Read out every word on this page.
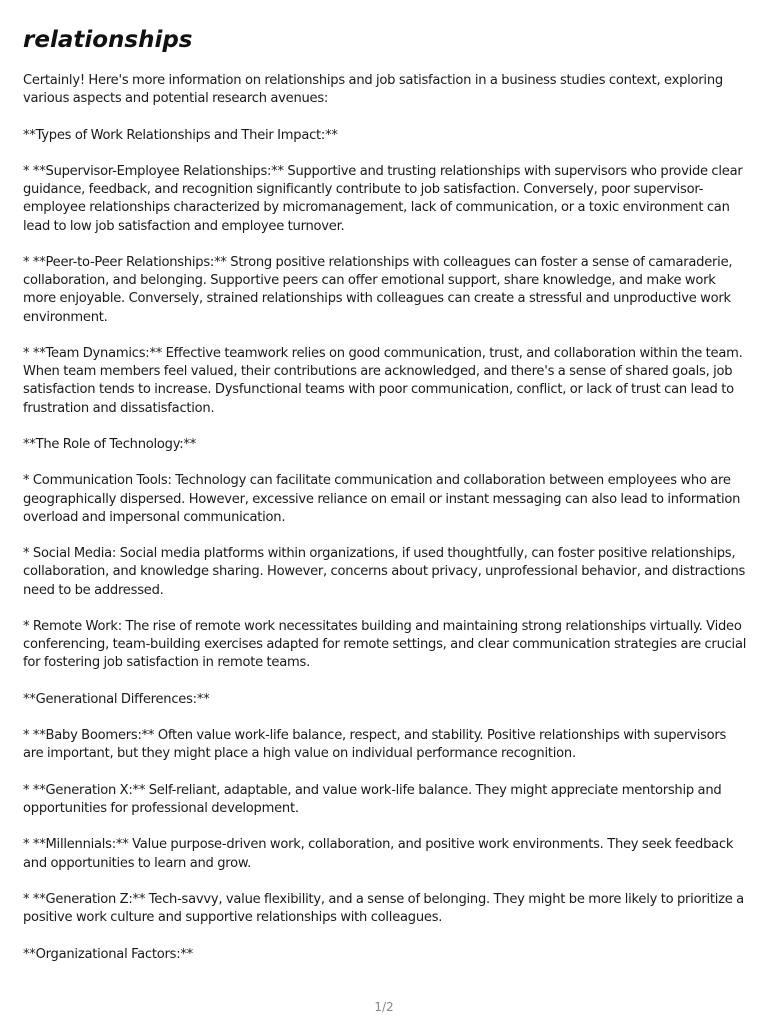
relationships

Certainly! Here's more information on relationships and job satisfaction in a business studies context, exploring various aspects and potential research avenues:

**Types of Work Relationships and Their Impact:**

* **Supervisor-Employee Relationships:** Supportive and trusting relationships with supervisors who provide clear guidance, feedback, and recognition significantly contribute to job satisfaction. Conversely, poor supervisor-employee relationships characterized by micromanagement, lack of communication, or a toxic environment can lead to low job satisfaction and employee turnover.

* **Peer-to-Peer Relationships:** Strong positive relationships with colleagues can foster a sense of camaraderie, collaboration, and belonging. Supportive peers can offer emotional support, share knowledge, and make work more enjoyable. Conversely, strained relationships with colleagues can create a stressful and unproductive work environment.

* **Team Dynamics:** Effective teamwork relies on good communication, trust, and collaboration within the team. When team members feel valued, their contributions are acknowledged, and there's a sense of shared goals, job satisfaction tends to increase. Dysfunctional teams with poor communication, conflict, or lack of trust can lead to frustration and dissatisfaction.

**The Role of Technology:**

* Communication Tools: Technology can facilitate communication and collaboration between employees who are geographically dispersed. However, excessive reliance on email or instant messaging can also lead to information overload and impersonal communication.

* Social Media: Social media platforms within organizations, if used thoughtfully, can foster positive relationships, collaboration, and knowledge sharing. However, concerns about privacy, unprofessional behavior, and distractions need to be addressed.

* Remote Work: The rise of remote work necessitates building and maintaining strong relationships virtually. Video conferencing, team-building exercises adapted for remote settings, and clear communication strategies are crucial for fostering job satisfaction in remote teams.

**Generational Differences:**

* **Baby Boomers:** Often value work-life balance, respect, and stability. Positive relationships with supervisors are important, but they might place a high value on individual performance recognition.

* **Generation X:** Self-reliant, adaptable, and value work-life balance. They might appreciate mentorship and opportunities for professional development.

* **Millennials:** Value purpose-driven work, collaboration, and positive work environments. They seek feedback and opportunities to learn and grow.

* **Generation Z:** Tech-savvy, value flexibility, and a sense of belonging. They might be more likely to prioritize a positive work culture and supportive relationships with colleagues.

**Organizational Factors:**

1/2
